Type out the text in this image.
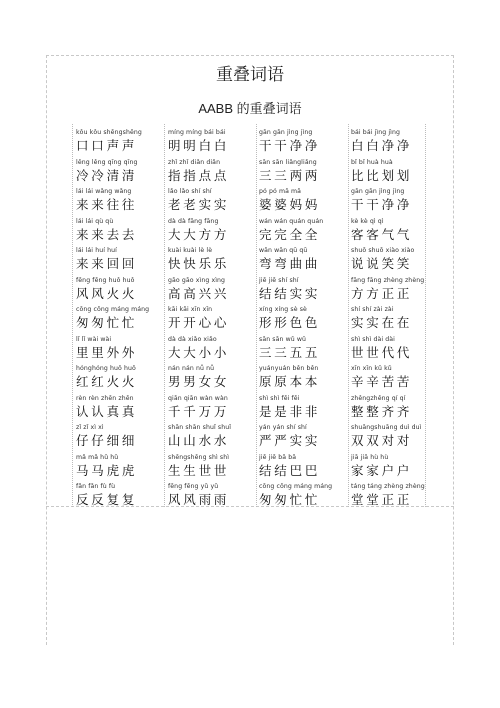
重叠词语
AABB 的重叠词语
kǒu kǒu shēngshēng
口口声声
lěng lěng qīng qīng
冷冷清清
lái lái wǎng wǎng
来来往往
lái lái qù qù
来来去去
lái lái huí huí
来来回回
fēng fēng huǒ huǒ
风风火火
cōng cōng máng máng
匆匆忙忙
lǐ lǐ wài wài
里里外外
hónghóng huǒ huǒ
红红火火
rèn rèn zhēn zhēn
认认真真
zǐ zǐ xì xì
仔仔细细
mǎ mǎ hǔ hǔ
马马虎虎
fǎn fǎn fù fù
反反复复
míng míng bái bái
明明白白
zhǐ zhǐ diǎn diǎn
指指点点
lǎo lǎo shí shí
老老实实
dà dà fāng fāng
大大方方
kuài kuài lè lè
快快乐乐
gāo gāo xìng xìng
高高兴兴
kāi kāi xīn xīn
开开心心
dà dà xiǎo xiǎo
大大小小
nán nán nǚ nǚ
男男女女
qiān qiān wàn wàn
千千万万
shān shān shuǐ shuǐ
山山水水
shēngshēng shì shì
生生世世
fēng fēng yǔ yǔ
风风雨雨
gān gān jìng jìng
干干净净
sān sān liǎngliǎng
三三两两
pó pó mā mā
婆婆妈妈
wán wán quán quán
完完全全
wān wān qū qū
弯弯曲曲
jiē jiē shí shí
结结实实
xíng xíng sè sè
形形色色
sān sān wǔ wǔ
三三五五
yuányuán běn běn
原原本本
shì shì fēi fēi
是是非非
yán yán shí shí
严严实实
jiē jiē bā bā
结结巴巴
cōng cōng máng máng
匆匆忙忙
bái bái jìng jìng
白白净净
bǐ bǐ huà huà
比比划划
gān gān jìng jìng
干干净净
kè kè qì qì
客客气气
shuō shuō xiào xiào
说说笑笑
fāng fāng zhèng zhèng
方方正正
shí shí zài zài
实实在在
shì shì dài dài
世世代代
xīn xīn kǔ kǔ
辛辛苦苦
zhěngzhěng qí qí
整整齐齐
shuāngshuāng duì duì
双双对对
jiā jiā hù hù
家家户户
táng táng zhèng zhèng
堂堂正正
